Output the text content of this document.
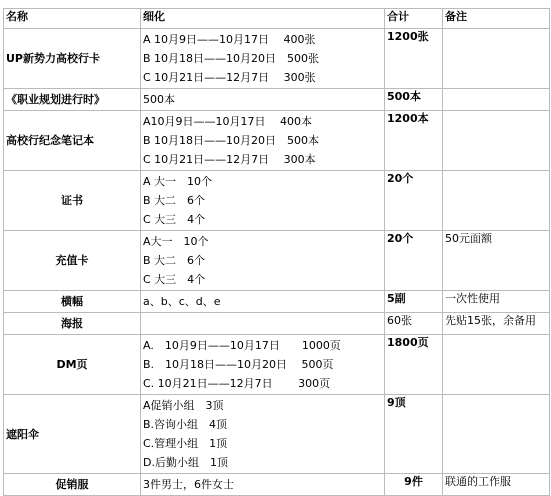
名称	细化	合计	备注
UP新势力高校行卡	A 10月9日——10月17日　 400张
B 10月18日——10月20日　500张
C 10月21日——12月7日 　300张	1200张	
《职业规划进行时》	500本	500本	
高校行纪念笔记本	A10月9日——10月17日　 400本
B 10月18日——10月20日　500本
C 10月21日——12月7日 　300本	1200本	
证书	A 大一　10个
B 大二　6个
C 大三　4个	20个	
充值卡	A大一　10个
B 大二　6个
C 大三　4个	20个	50元面额
横幅	a、b、c、d、e	5副	一次性使用
海报		60张	先贴15张，余备用
DM页	A.　10月9日——10月17日　　1000页
B.　10月18日——10月20日　 500页
C. 10月21日——12月7日　　 300页	1800页	
遮阳伞	A促销小组　3顶
B.咨询小组　4顶
C.管理小组　1顶
D.后勤小组　1顶	9顶	
促销服	3件男士，6件女士	9件	联通的工作服
